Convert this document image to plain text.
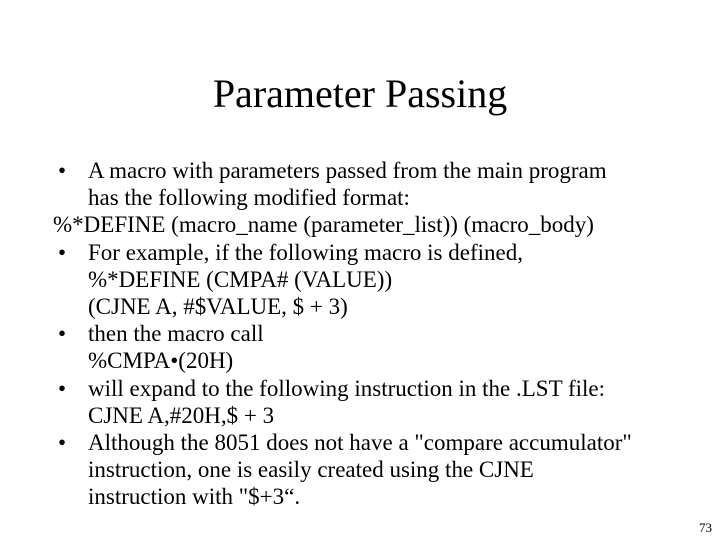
Parameter Passing
• A macro with parameters passed from the main program
has the following modified format:
%*DEFINE (macro_name (parameter_list)) (macro_body)
• For example, if the following macro is defined,
%*DEFINE (CMPA# (VALUE))
(CJNE A, #$VALUE, $ + 3)
• then the macro call
%CMPA•(20H)
• will expand to the following instruction in the .LST file:
CJNE A,#20H,$ + 3
• Although the 8051 does not have a "compare accumulator"
instruction, one is easily created using the CJNE
instruction with "$+3“.
73
